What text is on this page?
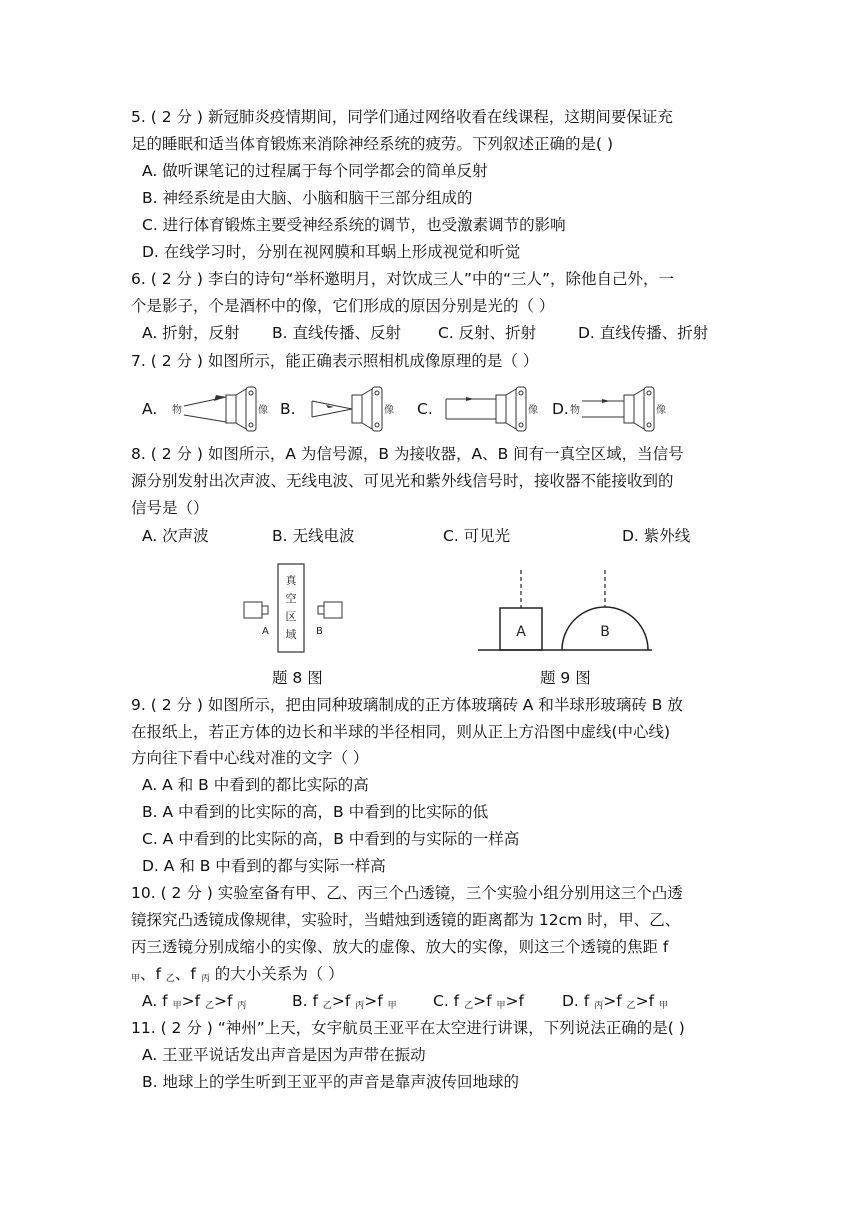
5. ( 2 分 ) 新冠肺炎疫情期间，同学们通过网络收看在线课程，这期间要保证充
足的睡眠和适当体育锻炼来消除神经系统的疲劳。下列叙述正确的是( )
A. 做听课笔记的过程属于每个同学都会的简单反射
B. 神经系统是由大脑、小脑和脑干三部分组成的
C. 进行体育锻炼主要受神经系统的调节，也受激素调节的影响
D. 在线学习时，分别在视网膜和耳蜗上形成视觉和听觉
6. ( 2 分 ) 李白的诗句“举杯邀明月，对饮成三人”中的“三人”，除他自己外，一
个是影子，个是酒杯中的像，它们形成的原因分别是光的（ ）
A. 折射，反射 B. 直线传播、反射 C. 反射、折射	D. 直线传播、折射
7. ( 2 分 ) 如图所示，能正确表示照相机成像原理的是（ ）
A. 物	像 B.	像 C.	像 D. 物	像
8. ( 2 分 ) 如图所示，A 为信号源，B 为接收器，A、B 间有一真空区域，当信号
源分别发射出次声波、无线电波、可见光和紫外线信号时，接收器不能接收到的
信号是（）
A. 次声波	B. 无线电波	C. 可见光	D. 紫外线
真
空
区
域
A	B
题 8 图
A	B
题 9 图
9. ( 2 分 ) 如图所示，把由同种玻璃制成的正方体玻璃砖 A 和半球形玻璃砖 B 放
在报纸上，若正方体的边长和半球的半径相同，则从正上方沿图中虚线(中心线)
方向往下看中心线对准的文字（ ）
A. A 和 B 中看到的都比实际的高
B. A 中看到的比实际的高，B 中看到的比实际的低
C. A 中看到的比实际的高，B 中看到的与实际的一样高
D. A 和 B 中看到的都与实际一样高
10. ( 2 分 ) 实验室备有甲、乙、丙三个凸透镜，三个实验小组分别用这三个凸透
镜探究凸透镜成像规律，实验时，当蜡烛到透镜的距离都为 12cm 时，甲、乙、
丙三透镜分别成缩小的实像、放大的虚像、放大的实像，则这三个透镜的焦距 f
$_甲$、f $_乙$、f $_丙$ 的大小关系为（ ）
A. f $_甲$>f $_乙$>f $_丙$	B. f $_乙$>f $_丙$>f $_甲$ C. f $_乙$>f $_甲$>f D. f $_丙$>f $_乙$>f $_甲$
11. ( 2 分 ) “神州”上天，女宇航员王亚平在太空进行讲课，下列说法正确的是( )
A. 王亚平说话发出声音是因为声带在振动
B. 地球上的学生听到王亚平的声音是靠声波传回地球的
